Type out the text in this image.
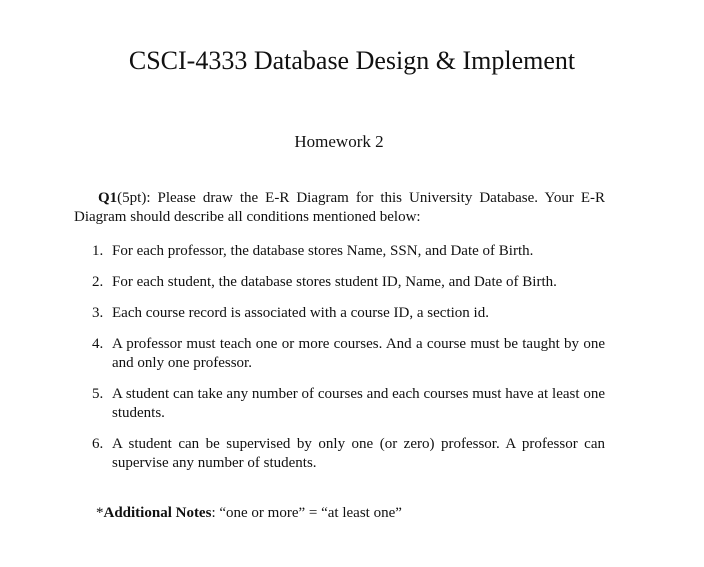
CSCI-4333 Database Design & Implement
Homework 2
Q1(5pt): Please draw the E-R Diagram for this University Database. Your E-R Diagram should describe all conditions mentioned below:
1. For each professor, the database stores Name, SSN, and Date of Birth.
2. For each student, the database stores student ID, Name, and Date of Birth.
3. Each course record is associated with a course ID, a section id.
4. A professor must teach one or more courses. And a course must be taught by one and only one professor.
5. A student can take any number of courses and each courses must have at least one students.
6. A student can be supervised by only one (or zero) professor. A professor can supervise any number of students.
*Additional Notes: “one or more” = “at least one”
